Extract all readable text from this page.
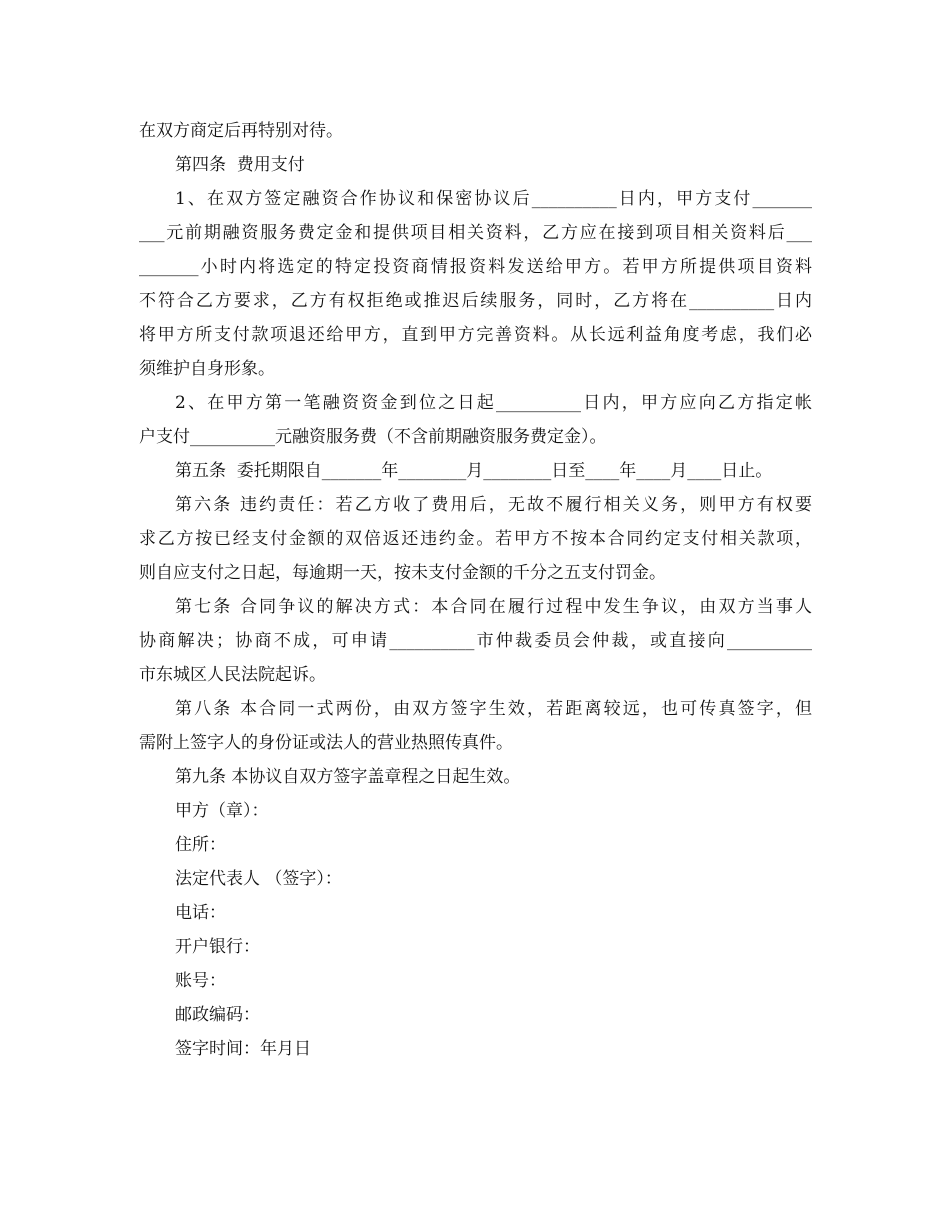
在双方商定后再特别对待。
第四条  费用支付
1、在双方签定融资合作协议和保密协议后__________日内，甲方支付_______
___元前期融资服务费定金和提供项目相关资料，乙方应在接到项目相关资料后___
_______小时内将选定的特定投资商情报资料发送给甲方。若甲方所提供项目资料
不符合乙方要求，乙方有权拒绝或推迟后续服务，同时，乙方将在__________日内
将甲方所支付款项退还给甲方，直到甲方完善资料。从长远利益角度考虑，我们必
须维护自身形象。
2、在甲方第一笔融资资金到位之日起__________日内，甲方应向乙方指定帐
户支付__________元融资服务费（不含前期融资服务费定金）。
第五条  委托期限自_______年________月________日至____年____月____日止。
第六条 违约责任：若乙方收了费用后，无故不履行相关义务，则甲方有权要
求乙方按已经支付金额的双倍返还违约金。若甲方不按本合同约定支付相关款项，
则自应支付之日起，每逾期一天，按未支付金额的千分之五支付罚金。
第七条 合同争议的解决方式：本合同在履行过程中发生争议，由双方当事人
协商解决；协商不成，可申请__________市仲裁委员会仲裁，或直接向__________
市东城区人民法院起诉。
第八条 本合同一式两份，由双方签字生效，若距离较远，也可传真签字，但
需附上签字人的身份证或法人的营业热照传真件。
第九条 本协议自双方签字盖章程之日起生效。
甲方（章）：
住所：
法定代表人 （签字）：
电话：
开户银行：
账号：
邮政编码：
签字时间：年月日
